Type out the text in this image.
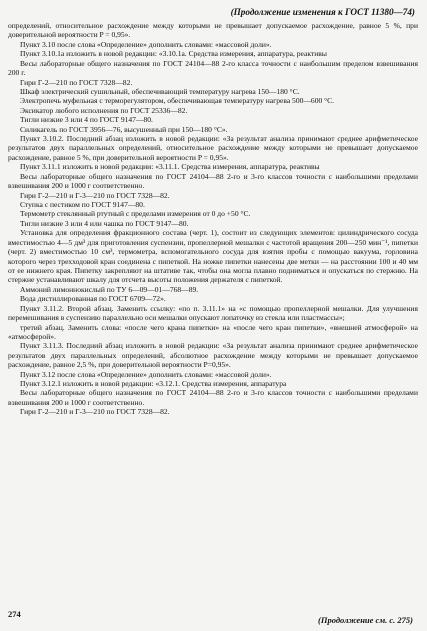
(Продолжение изменения к ГОСТ 11380—74)

определений, относительное расхождение между которыми не превышает допускаемое расхождение, равное 5 %, при доверительной вероятности P = 0,95».

Пункт 3.10 после слова «Определение» дополнить словами: «массовой доли».

Пункт 3.10.1а изложить в новой редакции: «3.10.1а. Средства измерения, аппаратура, реактивы

Весы лабораторные общего назначения по ГОСТ 24104—88 2-го класса точности с наибольшим пределом взвешивания 200 г.

Гири Г-2—210 по ГОСТ 7328—82.

Шкаф электрический сушильный, обеспечивающий температуру нагрева 150—180 °С.

Электропечь муфельная с терморегулятором, обеспечивающая температуру нагрева 500—600 °С.

Эксикатор любого исполнения по ГОСТ 25336—82.

Тигли низкие 3 или 4 по ГОСТ 9147—80.

Силикагель по ГОСТ 3956—76, высушенный при 150—180 °С».

Пункт 3.10.2. Последний абзац изложить в новой редакции: «За результат анализа принимают среднее арифметическое результатов двух параллельных определений, относительное расхождение между которыми не превышает допускаемое расхождение, равное 5 %, при доверительной вероятности P = 0,95».

Пункт 3.11.1 изложить в новой редакции: «3.11.1. Средства измерения, аппаратура, реактивы

Весы лабораторные общего назначения по ГОСТ 24104—88 2-го и 3-го классов точности с наибольшими пределами взвешивания 200 и 1000 г соответственно.

Гири Г-2—210 и Г-3—210 по ГОСТ 7328—82.

Ступка с пестиком по ГОСТ 9147—80.

Термометр стеклянный ртутный с пределами измерения от 0 до +50 °С.

Тигли низкие 3 или 4 или чашка по ГОСТ 9147—80.

Установка для определения фракционного состава (черт. 1), состоит из следующих элементов: цилиндрического сосуда вместимостью 4—5 дм³ для приготовления суспензии, пропеллерной мешалки с частотой вращения 200—250 мин⁻¹, пипетки (черт. 2) вместимостью 10 см³, термометра, вспомогательного сосуда для взятия пробы с помощью вакуума, горловина которого через трехходовой кран соединена с пипеткой. На ножке пипетки нанесены две метки — на расстоянии 100 и 40 мм от ее нижнего края. Пипетку закрепляют на штативе так, чтобы она могла плавно подниматься и опускаться по стержню. На стержне устанавливают шкалу для отсчета высоты положения держателя с пипеткой.

Аммоний лимоннокислый по ТУ 6—09—01—768—89.

Вода дистиллированная по ГОСТ 6709—72».

Пункт 3.11.2. Второй абзац. Заменить ссылку: «по п. 3.11.1» на «с помощью пропеллерной мешалки. Для улучшения перемешивания в суспензию параллельно оси мешалки опускают лопаточку из стекла или пластмассы»;

третий абзац. Заменить слова: «после чего крана пипетки» на «после чего кран пипетки», «внешней атмосферой» на «атмосферой».

Пункт 3.11.3. Последний абзац изложить в новой редакции: «За результат анализа принимают среднее арифметическое результатов двух параллельных определений, абсолютное расхождение между которыми не превышает допускаемое расхождение, равное 2,5 %, при доверительной вероятности P=0,95».

Пункт 3.12 после слова «Определение» дополнить словами: «массовой доли».

Пункт 3.12.1 изложить в новой редакции: «3.12.1. Средства измерения, аппаратура

Весы лабораторные общего назначения по ГОСТ 24104—88 2-го и 3-го классов точности с наибольшими пределами взвешивания 200 и 1000 г соответственно.

Гири Г-2—210 и Г-3—210 по ГОСТ 7328—82.

274
(Продолжение см. с. 275)
